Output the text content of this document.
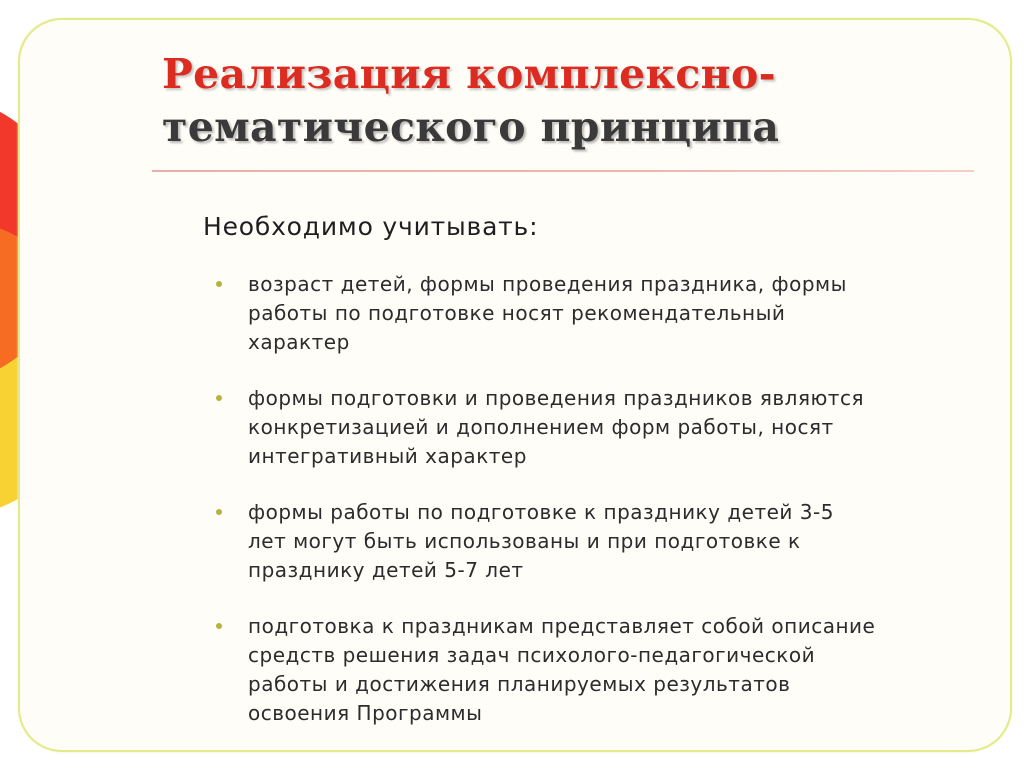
Реализация комплексно-
тематического принципа
Необходимо учитывать:
возраст детей, формы проведения праздника, формы
работы по подготовке носят рекомендательный
характер
формы подготовки и проведения праздников являются
конкретизацией и дополнением форм работы, носят
интегративный характер
формы работы по подготовке к празднику детей 3-5
лет могут быть использованы и при подготовке к
празднику детей 5-7 лет
подготовка к праздникам представляет собой описание
средств решения задач психолого-педагогической
работы и достижения планируемых результатов
освоения Программы
